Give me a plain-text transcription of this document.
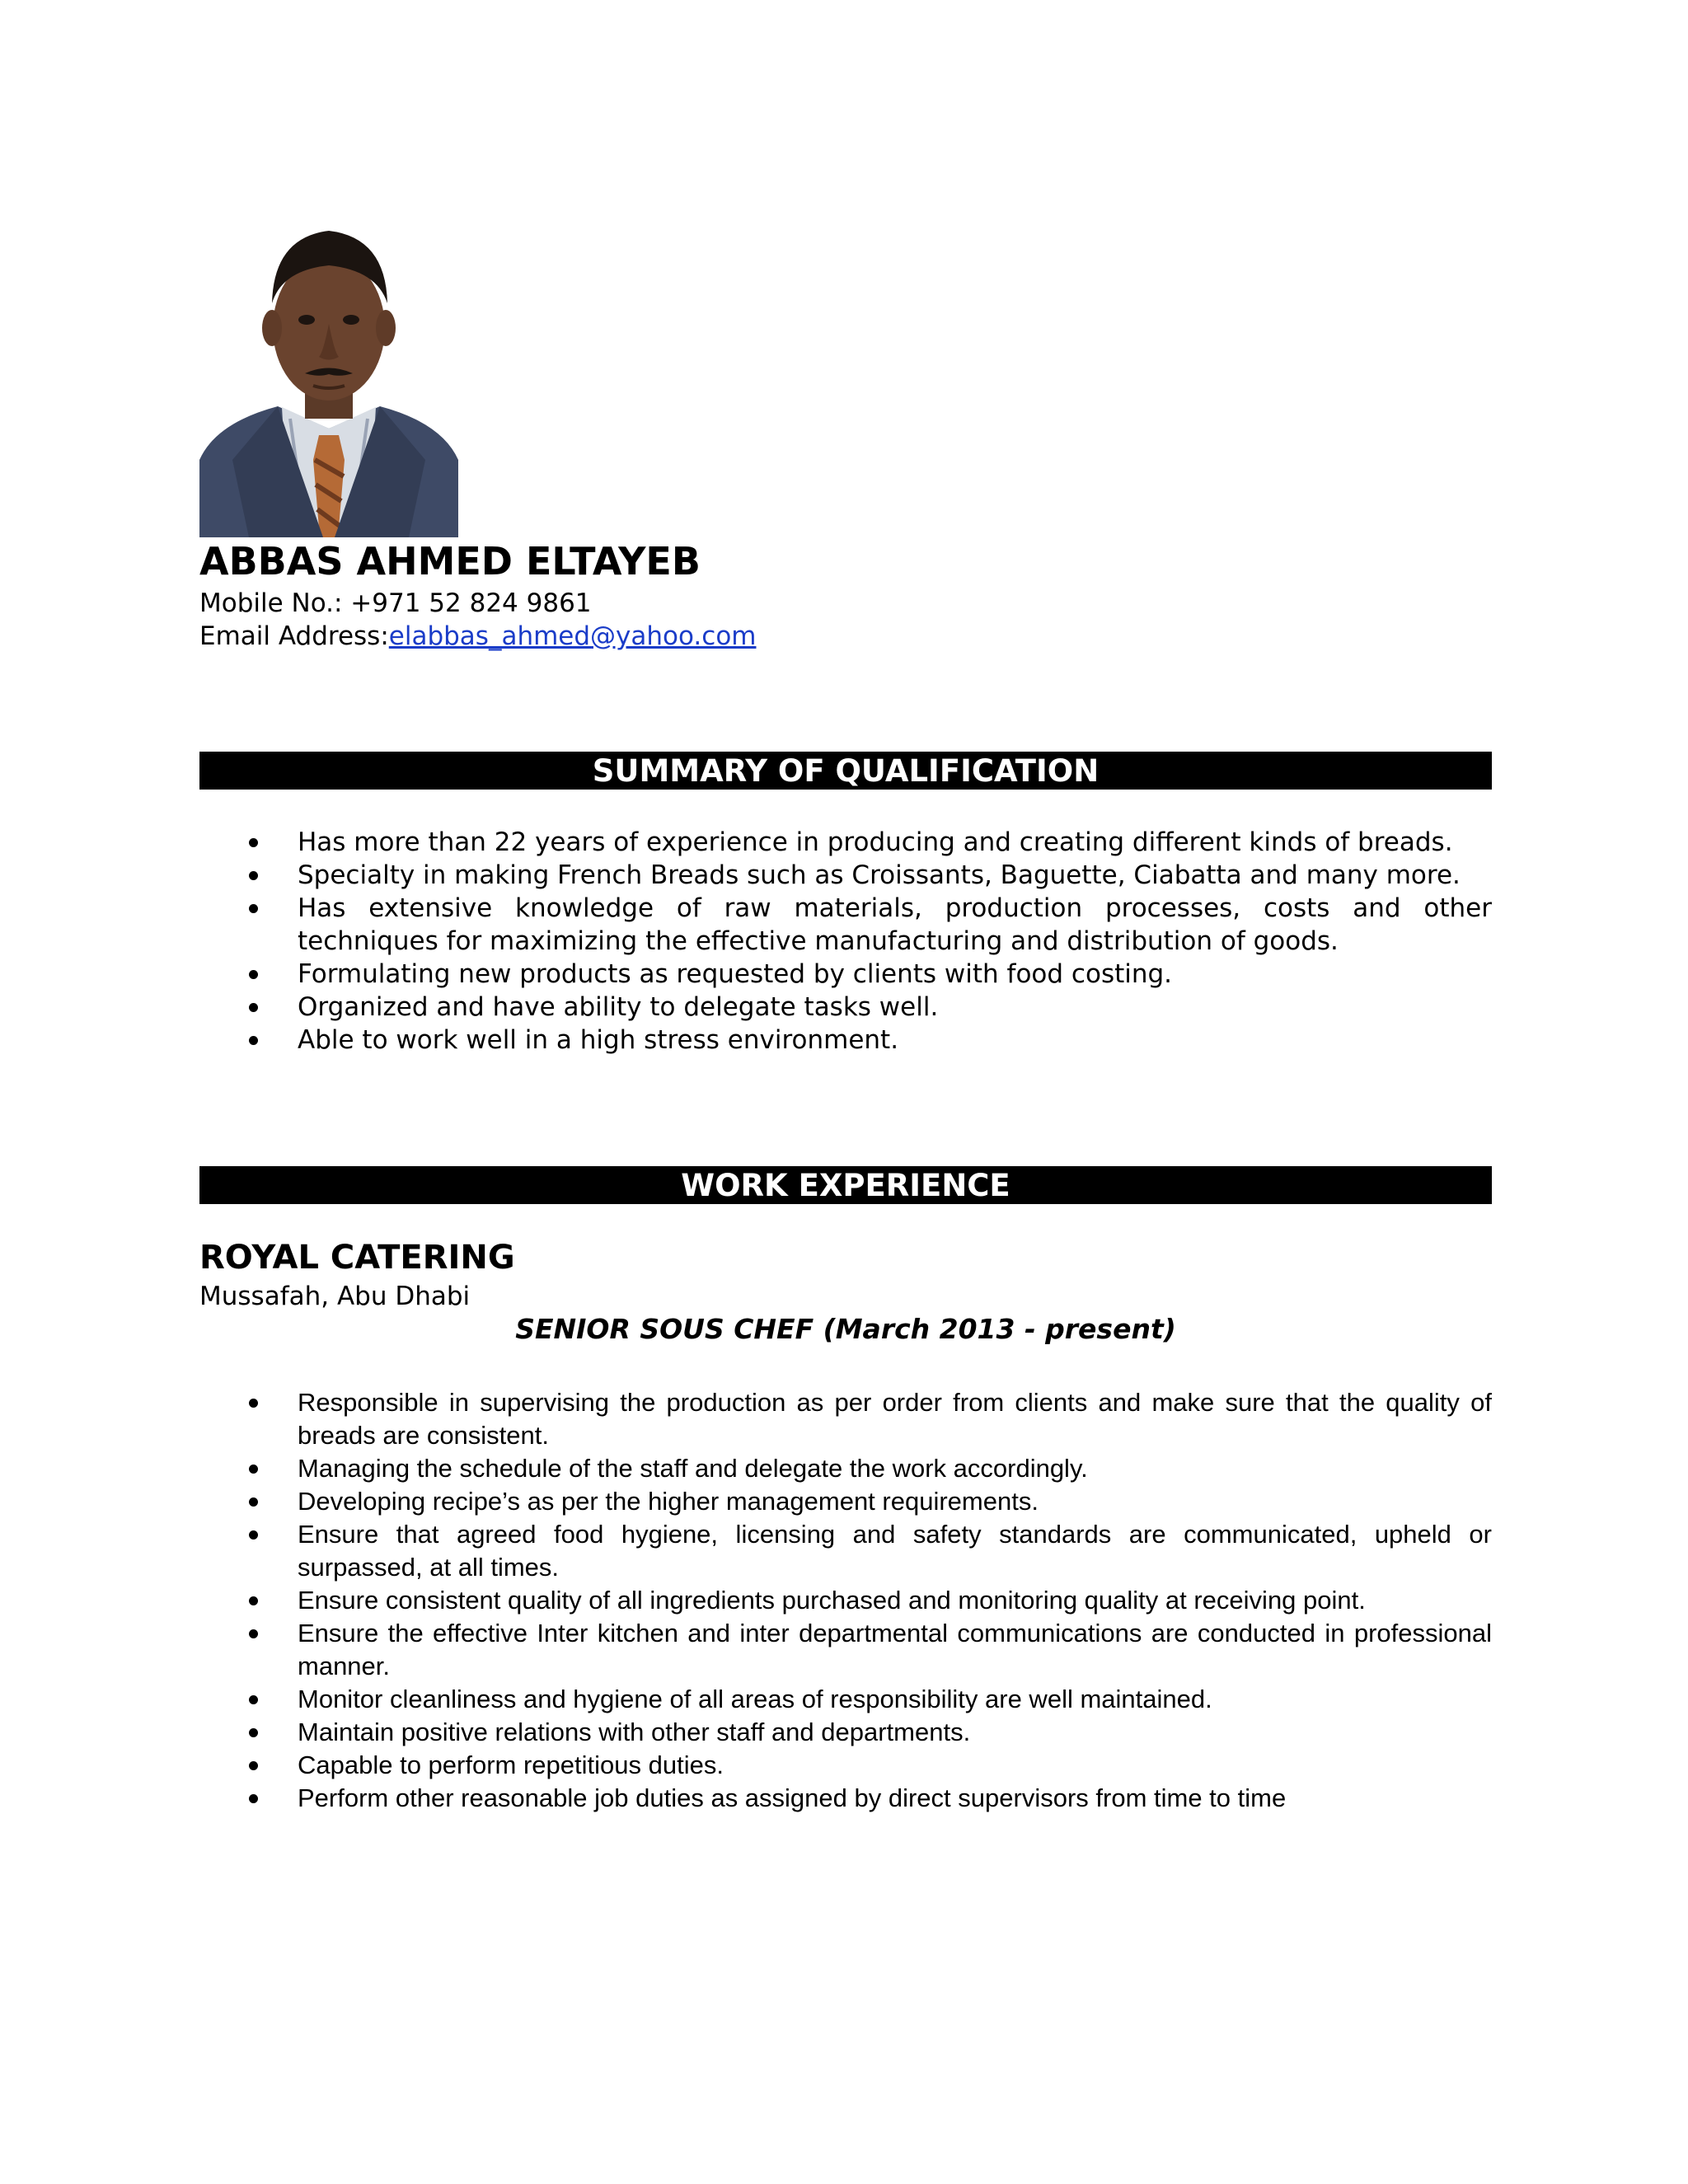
ABBAS AHMED ELTAYEB
Mobile No.: +971 52 824 9861
Email Address:elabbas_ahmed@yahoo.com
SUMMARY OF QUALIFICATION
Has more than 22 years of experience in producing and creating different kinds of breads.
Specialty in making French Breads such as Croissants, Baguette, Ciabatta and many more.
Has extensive knowledge of raw materials, production processes, costs and other techniques for maximizing the effective manufacturing and distribution of goods.
Formulating new products as requested by clients with food costing.
Organized and have ability to delegate tasks well.
Able to work well in a high stress environment.
WORK EXPERIENCE
ROYAL CATERING
Mussafah, Abu Dhabi
SENIOR SOUS CHEF (March 2013 - present)
Responsible in supervising the production as per order from clients and make sure that the quality of breads are consistent.
Managing the schedule of the staff and delegate the work accordingly.
Developing recipe’s as per the higher management requirements.
Ensure that agreed food hygiene, licensing and safety standards are communicated, upheld or surpassed, at all times.
Ensure consistent quality of all ingredients purchased and monitoring quality at receiving point.
Ensure the effective Inter kitchen and inter departmental communications are conducted in professional manner.
Monitor cleanliness and hygiene of all areas of responsibility are well maintained.
Maintain positive relations with other staff and departments.
Capable to perform repetitious duties.
Perform other reasonable job duties as assigned by direct supervisors from time to time
